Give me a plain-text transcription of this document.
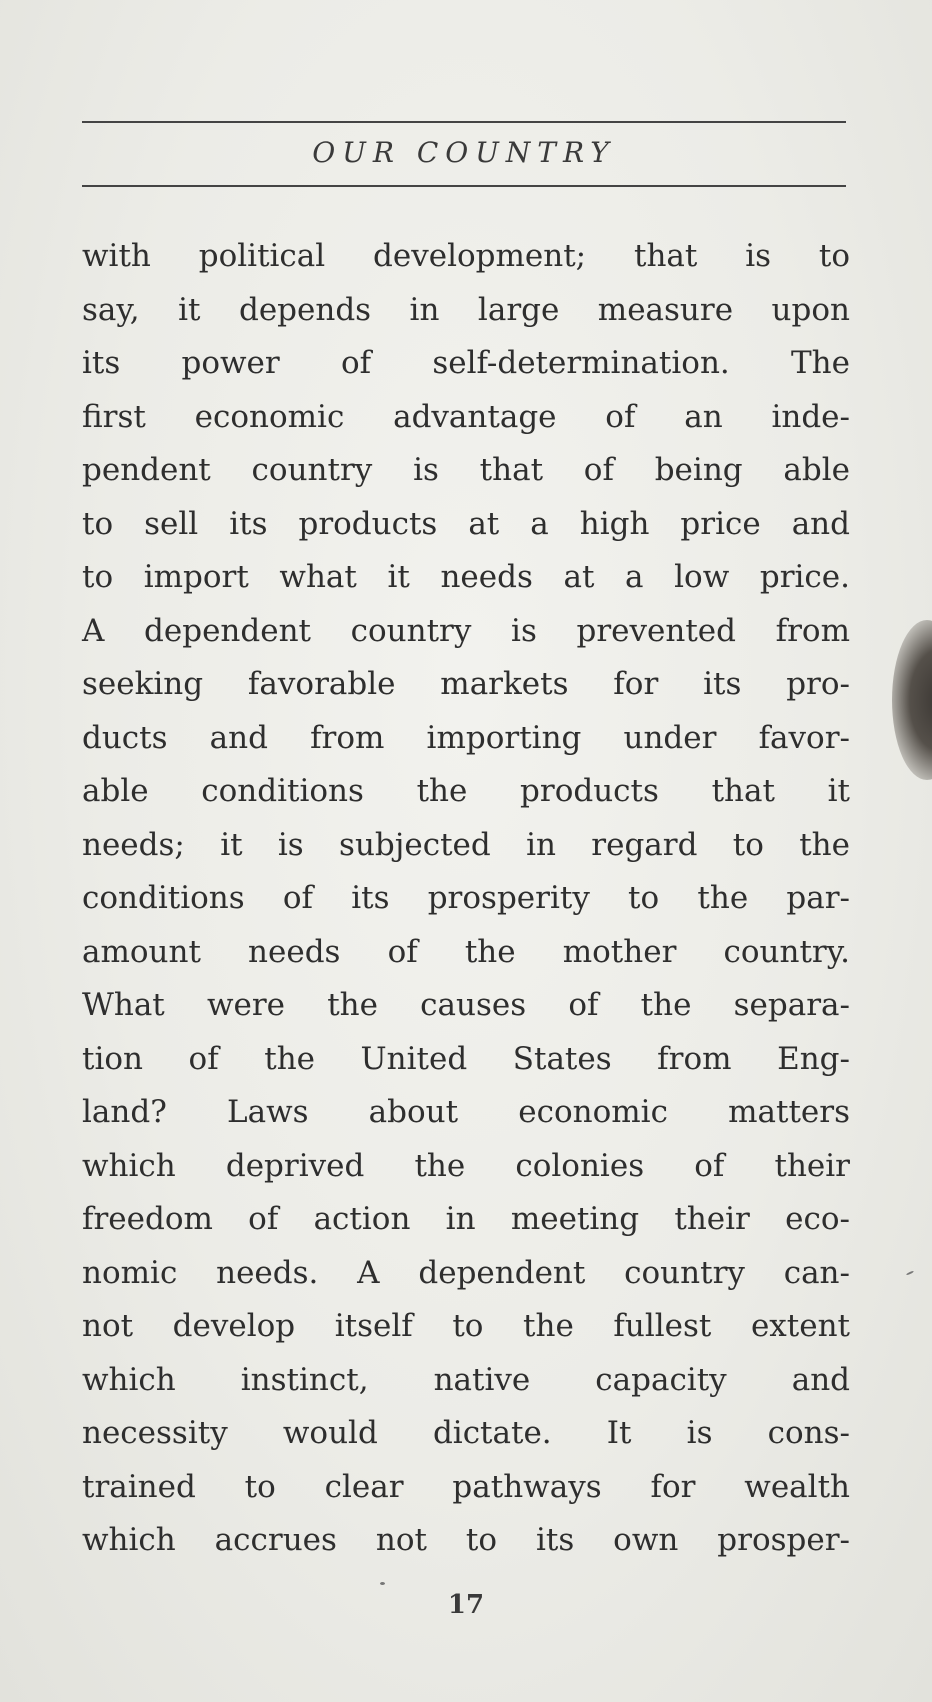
OUR COUNTRY
with political development; that is to
say, it depends in large measure upon
its power of self-determination. The
first economic advantage of an inde-
pendent country is that of being able
to sell its products at a high price and
to import what it needs at a low price.
A dependent country is prevented from
seeking favorable markets for its pro-
ducts and from importing under favor-
able conditions the products that it
needs; it is subjected in regard to the
conditions of its prosperity to the par-
amount needs of the mother country.
What were the causes of the separa-
tion of the United States from Eng-
land? Laws about economic matters
which deprived the colonies of their
freedom of action in meeting their eco-
nomic needs. A dependent country can-
not develop itself to the fullest extent
which instinct, native capacity and
necessity would dictate. It is cons-
trained to clear pathways for wealth
which accrues not to its own prosper-
17
